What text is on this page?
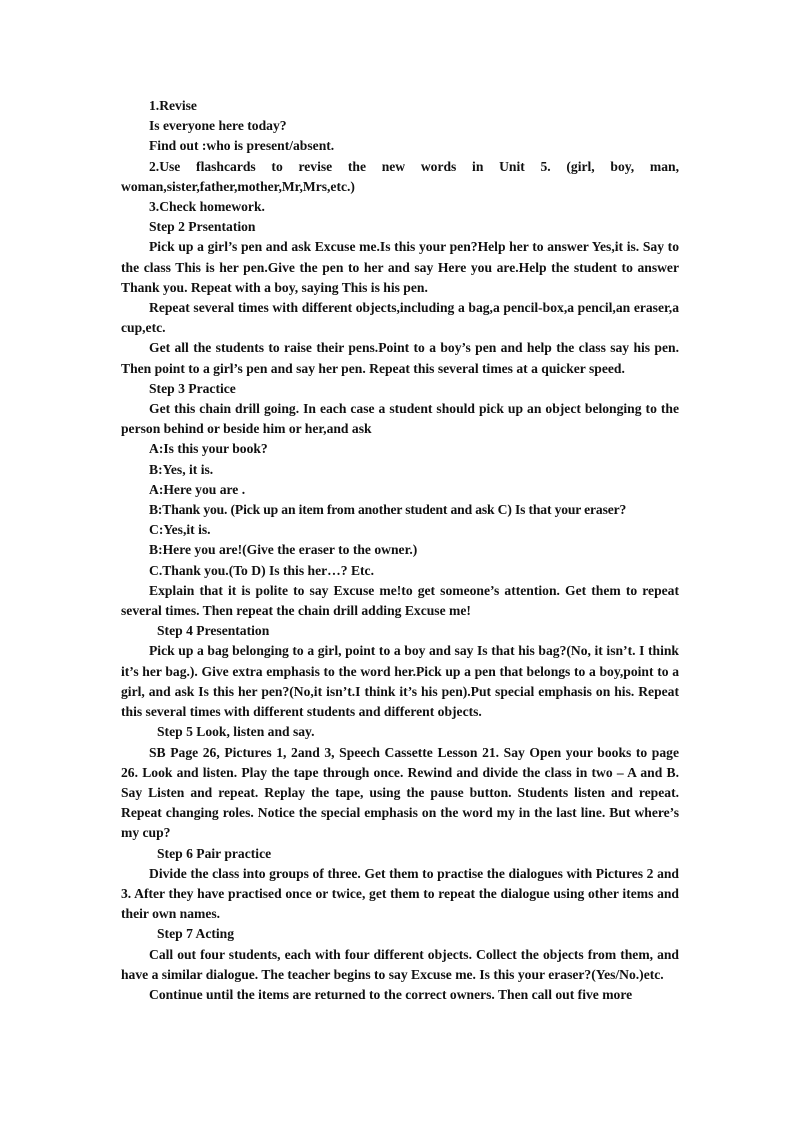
1.Revise

Is everyone here today?

Find out :who is present/absent.

2.Use flashcards to revise the new words in Unit 5. (girl, boy, man, woman,sister,father,mother,Mr,Mrs,etc.)

3.Check homework.

Step 2 Prsentation

Pick up a girl’s pen and ask Excuse me.Is this your pen?Help her to answer Yes,it is. Say to the class This is her pen.Give the pen to her and say Here you are.Help the student to answer Thank you. Repeat with a boy, saying This is his pen.

Repeat several times with different objects,including a bag,a pencil-box,a pencil,an eraser,a cup,etc.

Get all the students to raise their pens.Point to a boy’s pen and help the class say his pen. Then point to a girl’s pen and say her pen. Repeat this several times at a quicker speed.

Step 3 Practice

Get this chain drill going. In each case a student should pick up an object belonging to the person behind or beside him or her,and ask

A:Is this your book?

B:Yes, it is.

A:Here you are .

B:Thank you. (Pick up an item from another student and ask C) Is that your eraser?

C:Yes,it is.

B:Here you are!(Give the eraser to the owner.)

C.Thank you.(To D) Is this her…? Etc.

Explain that it is polite to say Excuse me!to get someone’s attention. Get them to repeat several times. Then repeat the chain drill adding Excuse me!

Step 4 Presentation

Pick up a bag belonging to a girl, point to a boy and say Is that his bag?(No, it isn’t. I think it’s her bag.). Give extra emphasis to the word her.Pick up a pen that belongs to a boy,point to a girl, and ask Is this her pen?(No,it isn’t.I think it’s his pen).Put special emphasis on his. Repeat this several times with different students and different objects.

Step 5 Look, listen and say.

SB Page 26, Pictures 1, 2and 3, Speech Cassette Lesson 21. Say Open your books to page 26. Look and listen. Play the tape through once. Rewind and divide the class in two – A and B. Say Listen and repeat. Replay the tape, using the pause button. Students listen and repeat. Repeat changing roles. Notice the special emphasis on the word my in the last line. But where’s my cup?

Step 6 Pair practice

Divide the class into groups of three. Get them to practise the dialogues with Pictures 2 and 3. After they have practised once or twice, get them to repeat the dialogue using other items and their own names.

Step 7 Acting

Call out four students, each with four different objects. Collect the objects from them, and have a similar dialogue. The teacher begins to say Excuse me. Is this your eraser?(Yes/No.)etc.

Continue until the items are returned to the correct owners. Then call out five more
